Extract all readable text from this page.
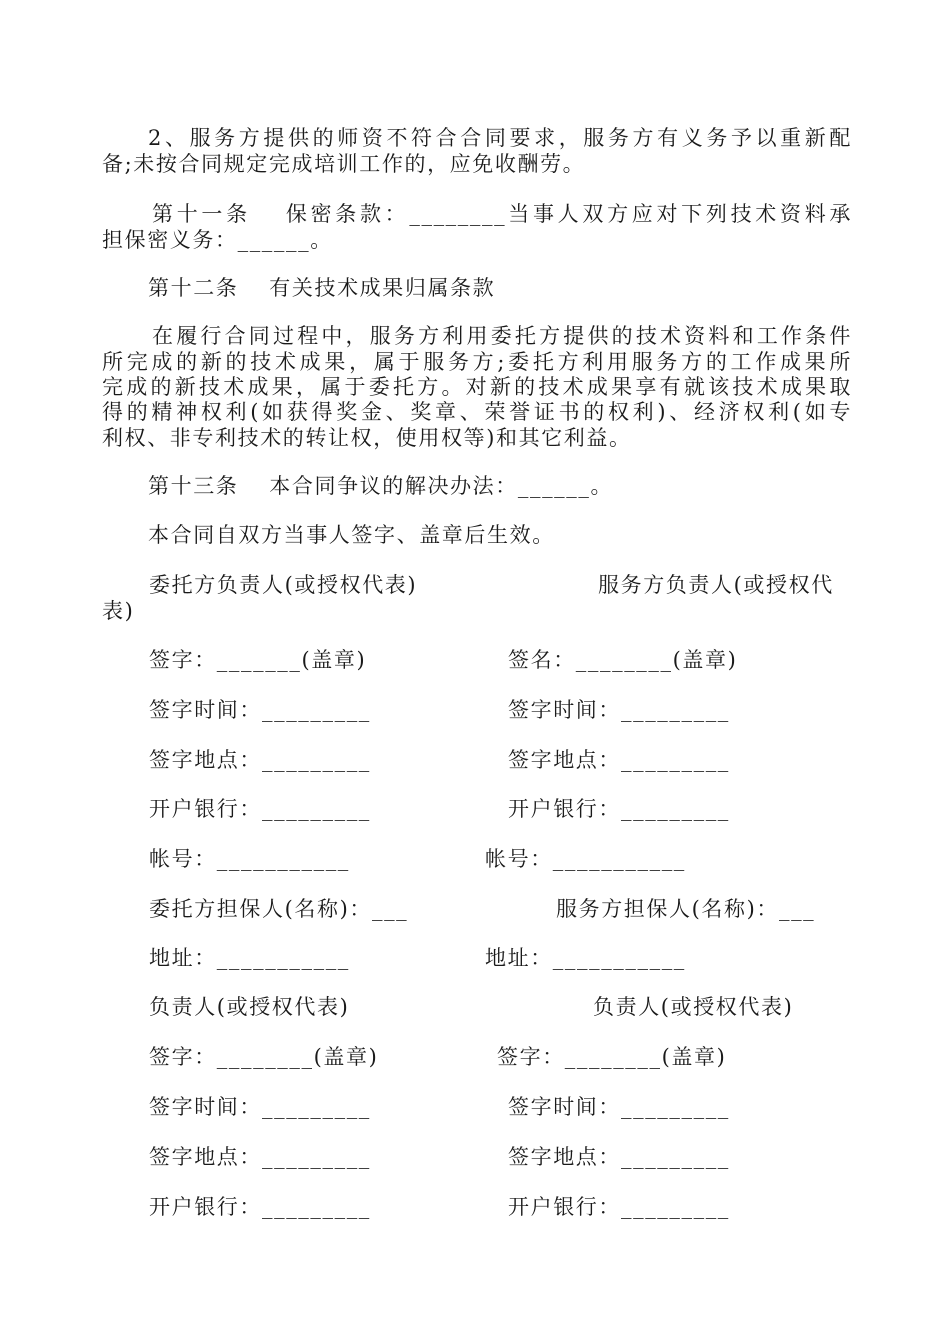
2、服务方提供的师资不符合合同要求，服务方有义务予以重新配
备;未按合同规定完成培训工作的，应免收酬劳。
第十一条　 保密条款：________当事人双方应对下列技术资料承
担保密义务：______。
第十二条　 有关技术成果归属条款
在履行合同过程中，服务方利用委托方提供的技术资料和工作条件
所完成的新的技术成果，属于服务方;委托方利用服务方的工作成果所
完成的新技术成果，属于委托方。对新的技术成果享有就该技术成果取
得的精神权利(如获得奖金、奖章、荣誉证书的权利)、经济权利(如专
利权、非专利技术的转让权，使用权等)和其它利益。
第十三条　 本合同争议的解决办法：______。
本合同自双方当事人签字、盖章后生效。
委托方负责人(或授权代表)	服务方负责人(或授权代
表)
签字：_______(盖章)	签名：________(盖章)
签字时间：_________	签字时间：_________
签字地点：_________	签字地点：_________
开户银行：_________	开户银行：_________
帐号：___________	帐号：___________
委托方担保人(名称)：___	服务方担保人(名称)：___
地址：___________	地址：___________
负责人(或授权代表)	负责人(或授权代表)
签字：________(盖章)	签字：________(盖章)
签字时间：_________	签字时间：_________
签字地点：_________	签字地点：_________
开户银行：_________	开户银行：_________
